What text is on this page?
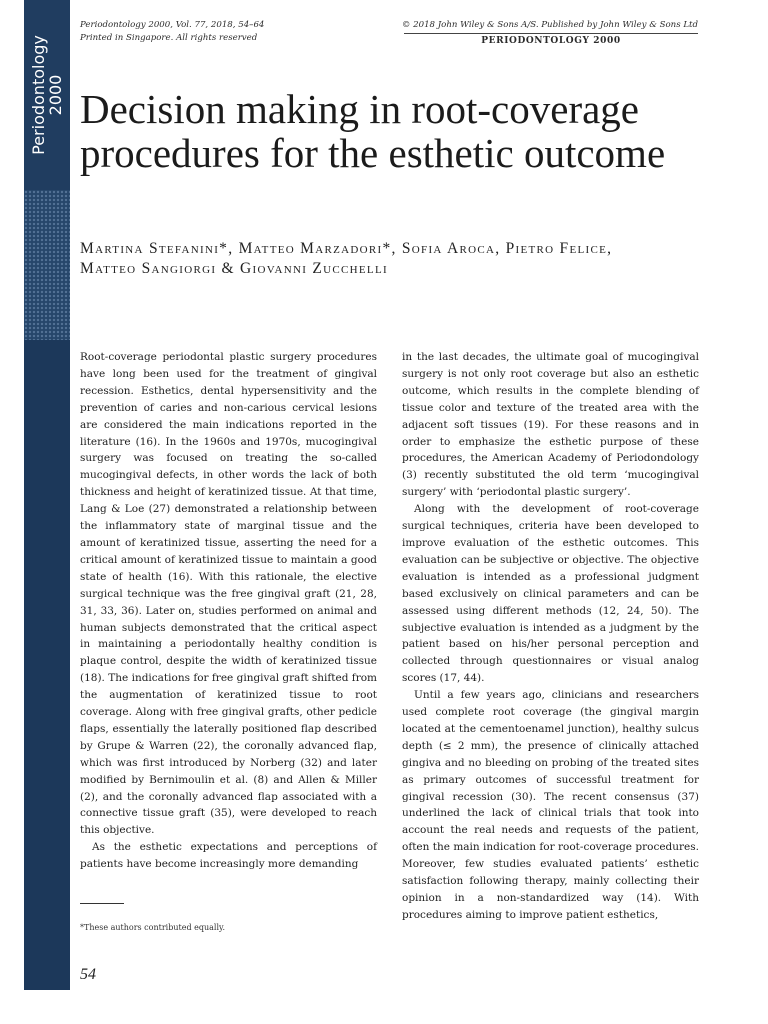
Periodontology
2000
Periodontology 2000, Vol. 77, 2018, 54–64
Printed in Singapore. All rights reserved
© 2018 John Wiley & Sons A/S. Published by John Wiley & Sons Ltd
PERIODONTOLOGY 2000
Decision making in root-coverage procedures for the esthetic outcome
Martina Stefanini*, Matteo Marzadori*, Sofia Aroca, Pietro Felice,
Matteo Sangiorgi & Giovanni Zucchelli

Root-coverage periodontal plastic surgery procedures have long been used for the treatment of gingival recession. Esthetics, dental hypersensitivity and the prevention of caries and non-carious cervical lesions are considered the main indications reported in the literature (16). In the 1960s and 1970s, mucogingival surgery was focused on treating the so-called mucogingival defects, in other words the lack of both thickness and height of keratinized tissue. At that time, Lang & Loe (27) demonstrated a relationship between the inflammatory state of marginal tissue and the amount of keratinized tissue, asserting the need for a critical amount of keratinized tissue to maintain a good state of health (16). With this rationale, the elective surgical technique was the free gingival graft (21, 28, 31, 33, 36). Later on, studies performed on animal and human subjects demonstrated that the critical aspect in maintaining a periodontally healthy condition is plaque control, despite the width of keratinized tissue (18). The indications for free gingival graft shifted from the augmentation of keratinized tissue to root coverage. Along with free gingival grafts, other pedicle flaps, essentially the laterally positioned flap described by Grupe & Warren (22), the coronally advanced flap, which was first introduced by Norberg (32) and later modified by Bernimoulin et al. (8) and Allen & Miller (2), and the coronally advanced flap associated with a connective tissue graft (35), were developed to reach this objective.

As the esthetic expectations and perceptions of patients have become increasingly more demanding

in the last decades, the ultimate goal of mucogingival surgery is not only root coverage but also an esthetic outcome, which results in the complete blending of tissue color and texture of the treated area with the adjacent soft tissues (19). For these reasons and in order to emphasize the esthetic purpose of these procedures, the American Academy of Periodondology (3) recently substituted the old term ‘mucogingival surgery’ with ‘periodontal plastic surgery’.

Along with the development of root-coverage surgical techniques, criteria have been developed to improve evaluation of the esthetic outcomes. This evaluation can be subjective or objective. The objective evaluation is intended as a professional judgment based exclusively on clinical parameters and can be assessed using different methods (12, 24, 50). The subjective evaluation is intended as a judgment by the patient based on his/her personal perception and collected through questionnaires or visual analog scores (17, 44).

Until a few years ago, clinicians and researchers used complete root coverage (the gingival margin located at the cementoenamel junction), healthy sulcus depth (≤ 2 mm), the presence of clinically attached gingiva and no bleeding on probing of the treated sites as primary outcomes of successful treatment for gingival recession (30). The recent consensus (37) underlined the lack of clinical trials that took into account the real needs and requests of the patient, often the main indication for root-coverage procedures. Moreover, few studies evaluated patients’ esthetic satisfaction following therapy, mainly collecting their opinion in a non-standardized way (14). With procedures aiming to improve patient esthetics,

*These authors contributed equally.
54
